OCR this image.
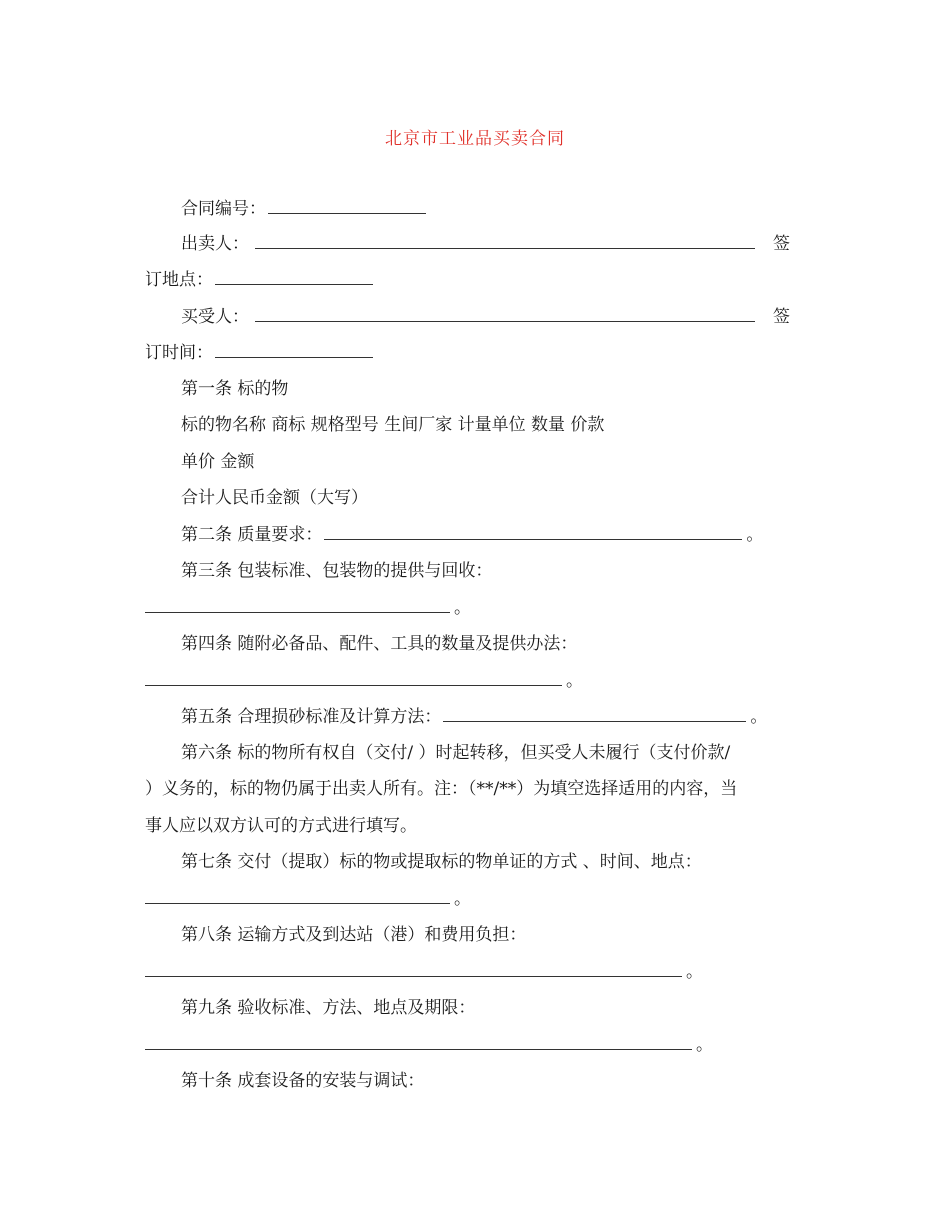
北京市工业品买卖合同
合同编号：
出卖人：	签
订地点：
买受人：	签
订时间：
第一条 标的物
标的物名称 商标 规格型号 生间厂家 计量单位 数量 价款
单价 金额
合计人民币金额（大写）
第二条 质量要求：	。
第三条 包装标准、包装物的提供与回收：
。
第四条 随附必备品、配件、工具的数量及提供办法：
。
第五条 合理损砂标准及计算方法：	。
第六条 标的物所有权自（交付/ ）时起转移，但买受人未履行（支付价款/
）义务的，标的物仍属于出卖人所有。注：（**/**）为填空选择适用的内容，当
事人应以双方认可的方式进行填写。
第七条 交付（提取）标的物或提取标的物单证的方式 、时间、地点：
。
第八条 运输方式及到达站（港）和费用负担：
。
第九条 验收标准、方法、地点及期限：
。
第十条 成套设备的安装与调试：
